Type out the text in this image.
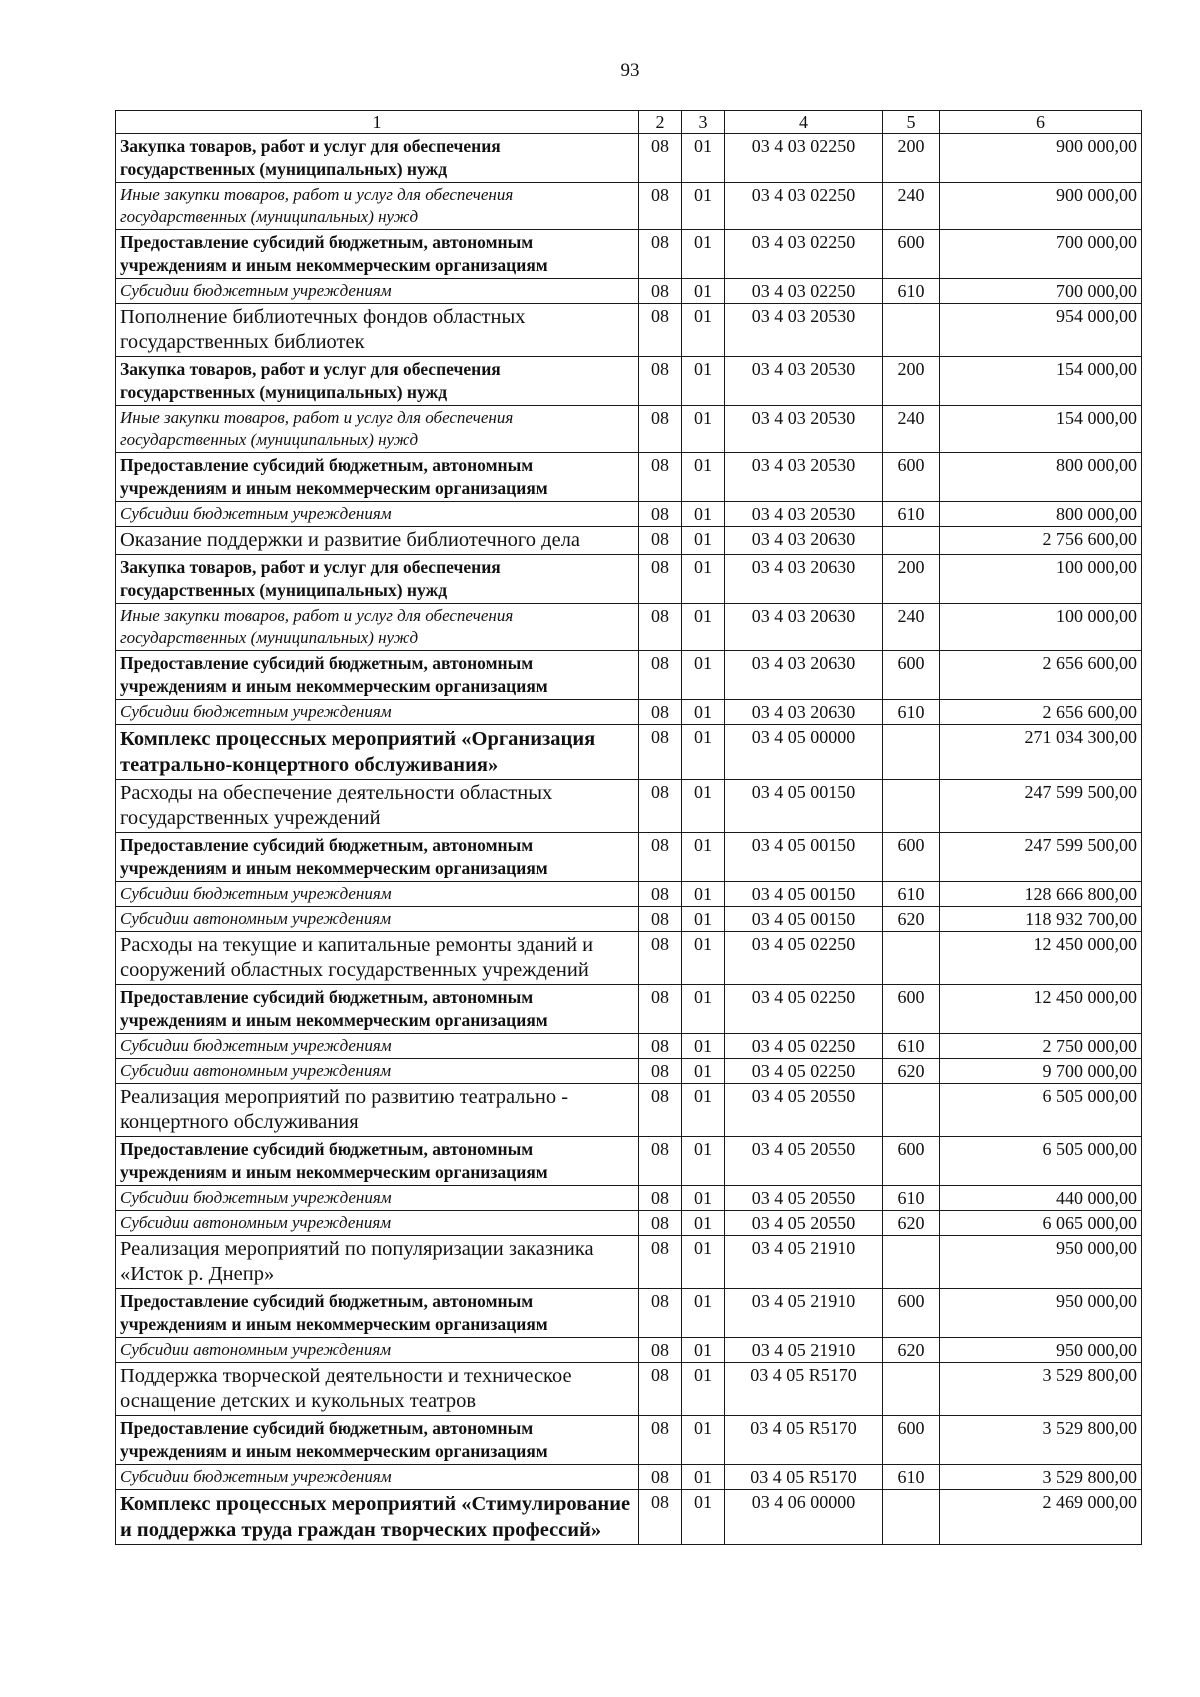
93
1	2	3	4	5	6
Закупка товаров, работ и услуг для обеспечения государственных (муниципальных) нужд	08	01	03 4 03 02250	200	900 000,00
Иные закупки товаров, работ и услуг для обеспечения государственных (муниципальных) нужд	08	01	03 4 03 02250	240	900 000,00
Предоставление субсидий бюджетным, автономным учреждениям и иным некоммерческим организациям	08	01	03 4 03 02250	600	700 000,00
Субсидии бюджетным учреждениям	08	01	03 4 03 02250	610	700 000,00
Пополнение библиотечных фондов областных государственных библиотек	08	01	03 4 03 20530		954 000,00
Закупка товаров, работ и услуг для обеспечения государственных (муниципальных) нужд	08	01	03 4 03 20530	200	154 000,00
Иные закупки товаров, работ и услуг для обеспечения государственных (муниципальных) нужд	08	01	03 4 03 20530	240	154 000,00
Предоставление субсидий бюджетным, автономным учреждениям и иным некоммерческим организациям	08	01	03 4 03 20530	600	800 000,00
Субсидии бюджетным учреждениям	08	01	03 4 03 20530	610	800 000,00
Оказание поддержки и развитие библиотечного дела	08	01	03 4 03 20630		2 756 600,00
Закупка товаров, работ и услуг для обеспечения государственных (муниципальных) нужд	08	01	03 4 03 20630	200	100 000,00
Иные закупки товаров, работ и услуг для обеспечения государственных (муниципальных) нужд	08	01	03 4 03 20630	240	100 000,00
Предоставление субсидий бюджетным, автономным учреждениям и иным некоммерческим организациям	08	01	03 4 03 20630	600	2 656 600,00
Субсидии бюджетным учреждениям	08	01	03 4 03 20630	610	2 656 600,00
Комплекс процессных мероприятий «Организация театрально-концертного обслуживания»	08	01	03 4 05 00000		271 034 300,00
Расходы на обеспечение деятельности областных государственных учреждений	08	01	03 4 05 00150		247 599 500,00
Предоставление субсидий бюджетным, автономным учреждениям и иным некоммерческим организациям	08	01	03 4 05 00150	600	247 599 500,00
Субсидии бюджетным учреждениям	08	01	03 4 05 00150	610	128 666 800,00
Субсидии автономным учреждениям	08	01	03 4 05 00150	620	118 932 700,00
Расходы на текущие и капитальные ремонты зданий и сооружений областных государственных учреждений	08	01	03 4 05 02250		12 450 000,00
Предоставление субсидий бюджетным, автономным учреждениям и иным некоммерческим организациям	08	01	03 4 05 02250	600	12 450 000,00
Субсидии бюджетным учреждениям	08	01	03 4 05 02250	610	2 750 000,00
Субсидии автономным учреждениям	08	01	03 4 05 02250	620	9 700 000,00
Реализация мероприятий по развитию театрально - концертного обслуживания	08	01	03 4 05 20550		6 505 000,00
Предоставление субсидий бюджетным, автономным учреждениям и иным некоммерческим организациям	08	01	03 4 05 20550	600	6 505 000,00
Субсидии бюджетным учреждениям	08	01	03 4 05 20550	610	440 000,00
Субсидии автономным учреждениям	08	01	03 4 05 20550	620	6 065 000,00
Реализация мероприятий по популяризации заказника «Исток р. Днепр»	08	01	03 4 05 21910		950 000,00
Предоставление субсидий бюджетным, автономным учреждениям и иным некоммерческим организациям	08	01	03 4 05 21910	600	950 000,00
Субсидии автономным учреждениям	08	01	03 4 05 21910	620	950 000,00
Поддержка творческой деятельности и техническое оснащение детских и кукольных театров	08	01	03 4 05 R5170		3 529 800,00
Предоставление субсидий бюджетным, автономным учреждениям и иным некоммерческим организациям	08	01	03 4 05 R5170	600	3 529 800,00
Субсидии бюджетным учреждениям	08	01	03 4 05 R5170	610	3 529 800,00
Комплекс процессных мероприятий «Стимулирование и поддержка труда граждан творческих профессий»	08	01	03 4 06 00000		2 469 000,00
